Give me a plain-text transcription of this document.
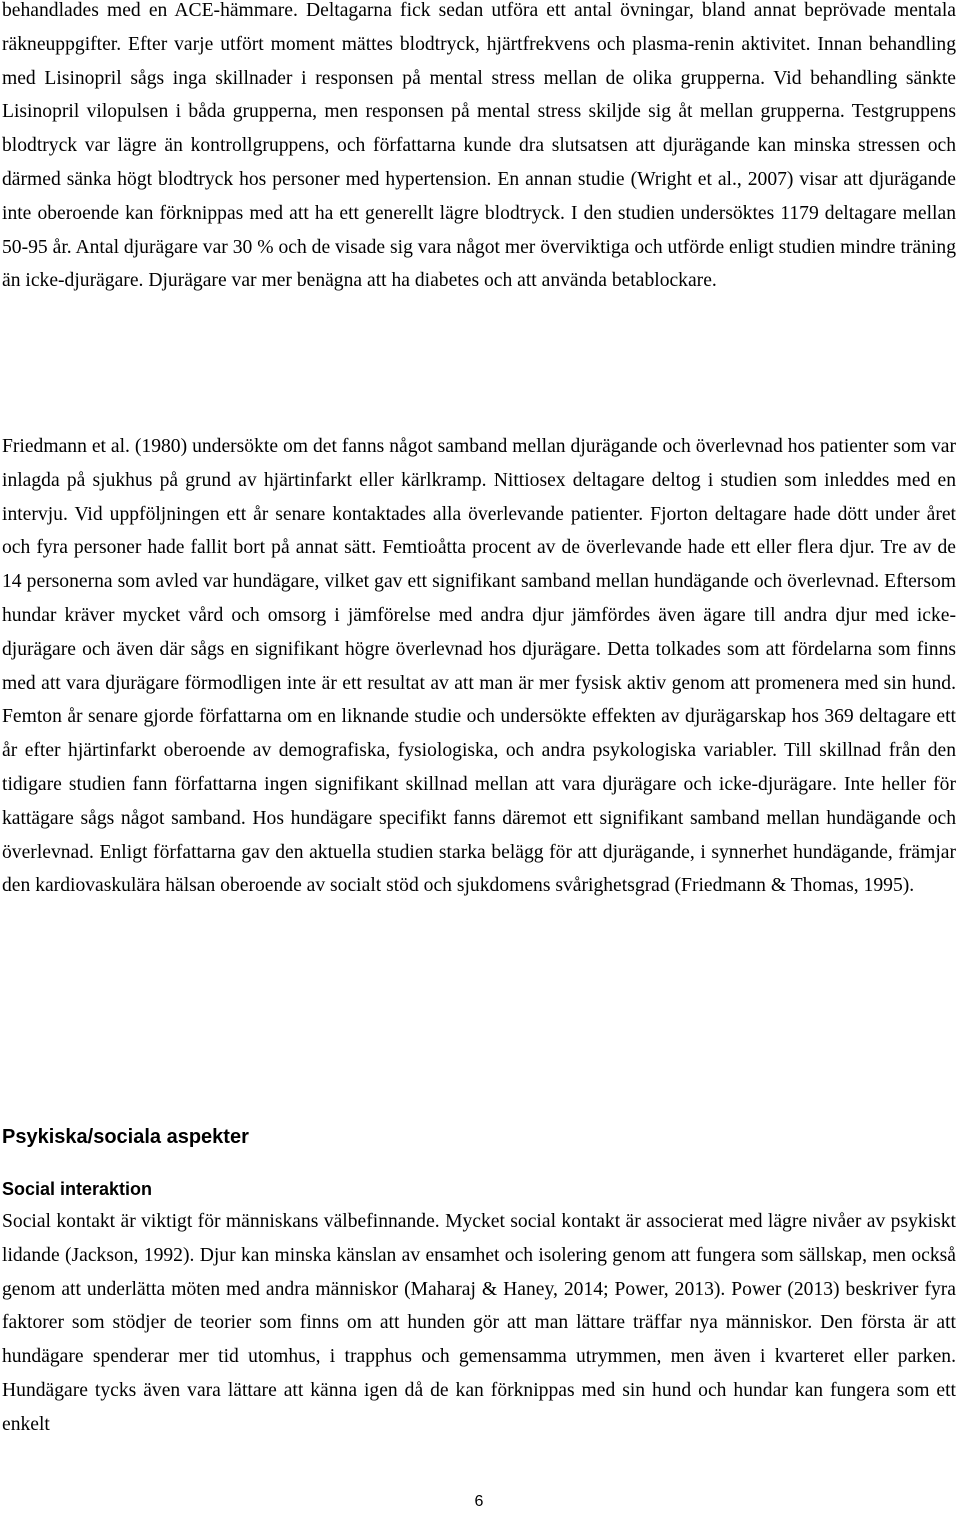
behandlades med en ACE-hämmare. Deltagarna fick sedan utföra ett antal övningar, bland annat beprövade mentala räkneuppgifter. Efter varje utfört moment mättes blodtryck, hjärtfrekvens och plasma-renin aktivitet. Innan behandling med Lisinopril sågs inga skillnader i responsen på mental stress mellan de olika grupperna. Vid behandling sänkte Lisinopril vilopulsen i båda grupperna, men responsen på mental stress skiljde sig åt mellan grupperna. Testgruppens blodtryck var lägre än kontrollgruppens, och författarna kunde dra slutsatsen att djurägande kan minska stressen och därmed sänka högt blodtryck hos personer med hypertension. En annan studie (Wright et al., 2007) visar att djurägande inte oberoende kan förknippas med att ha ett generellt lägre blodtryck. I den studien undersöktes 1179 deltagare mellan 50-95 år. Antal djurägare var 30 % och de visade sig vara något mer överviktiga och utförde enligt studien mindre träning än icke-djurägare. Djurägare var mer benägna att ha diabetes och att använda betablockare.

Friedmann et al. (1980) undersökte om det fanns något samband mellan djurägande och överlevnad hos patienter som var inlagda på sjukhus på grund av hjärtinfarkt eller kärlkramp. Nittiosex deltagare deltog i studien som inleddes med en intervju. Vid uppföljningen ett år senare kontaktades alla överlevande patienter. Fjorton deltagare hade dött under året och fyra personer hade fallit bort på annat sätt. Femtioåtta procent av de överlevande hade ett eller flera djur. Tre av de 14 personerna som avled var hundägare, vilket gav ett signifikant samband mellan hundägande och överlevnad. Eftersom hundar kräver mycket vård och omsorg i jämförelse med andra djur jämfördes även ägare till andra djur med icke-djurägare och även där sågs en signifikant högre överlevnad hos djurägare. Detta tolkades som att fördelarna som finns med att vara djurägare förmodligen inte är ett resultat av att man är mer fysisk aktiv genom att promenera med sin hund. Femton år senare gjorde författarna om en liknande studie och undersökte effekten av djurägarskap hos 369 deltagare ett år efter hjärtinfarkt oberoende av demografiska, fysiologiska, och andra psykologiska variabler. Till skillnad från den tidigare studien fann författarna ingen signifikant skillnad mellan att vara djurägare och icke-djurägare. Inte heller för kattägare sågs något samband. Hos hundägare specifikt fanns däremot ett signifikant samband mellan hundägande och överlevnad. Enligt författarna gav den aktuella studien starka belägg för att djurägande, i synnerhet hundägande, främjar den kardiovaskulära hälsan oberoende av socialt stöd och sjukdomens svårighetsgrad (Friedmann & Thomas, 1995).

Psykiska/sociala aspekter
Social interaktion

Social kontakt är viktigt för människans välbefinnande. Mycket social kontakt är associerat med lägre nivåer av psykiskt lidande (Jackson, 1992). Djur kan minska känslan av ensamhet och isolering genom att fungera som sällskap, men också genom att underlätta möten med andra människor (Maharaj & Haney, 2014; Power, 2013). Power (2013) beskriver fyra faktorer som stödjer de teorier som finns om att hunden gör att man lättare träffar nya människor. Den första är att hundägare spenderar mer tid utomhus, i trapphus och gemensamma utrymmen, men även i kvarteret eller parken. Hundägare tycks även vara lättare att känna igen då de kan förknippas med sin hund och hundar kan fungera som ett enkelt

6
